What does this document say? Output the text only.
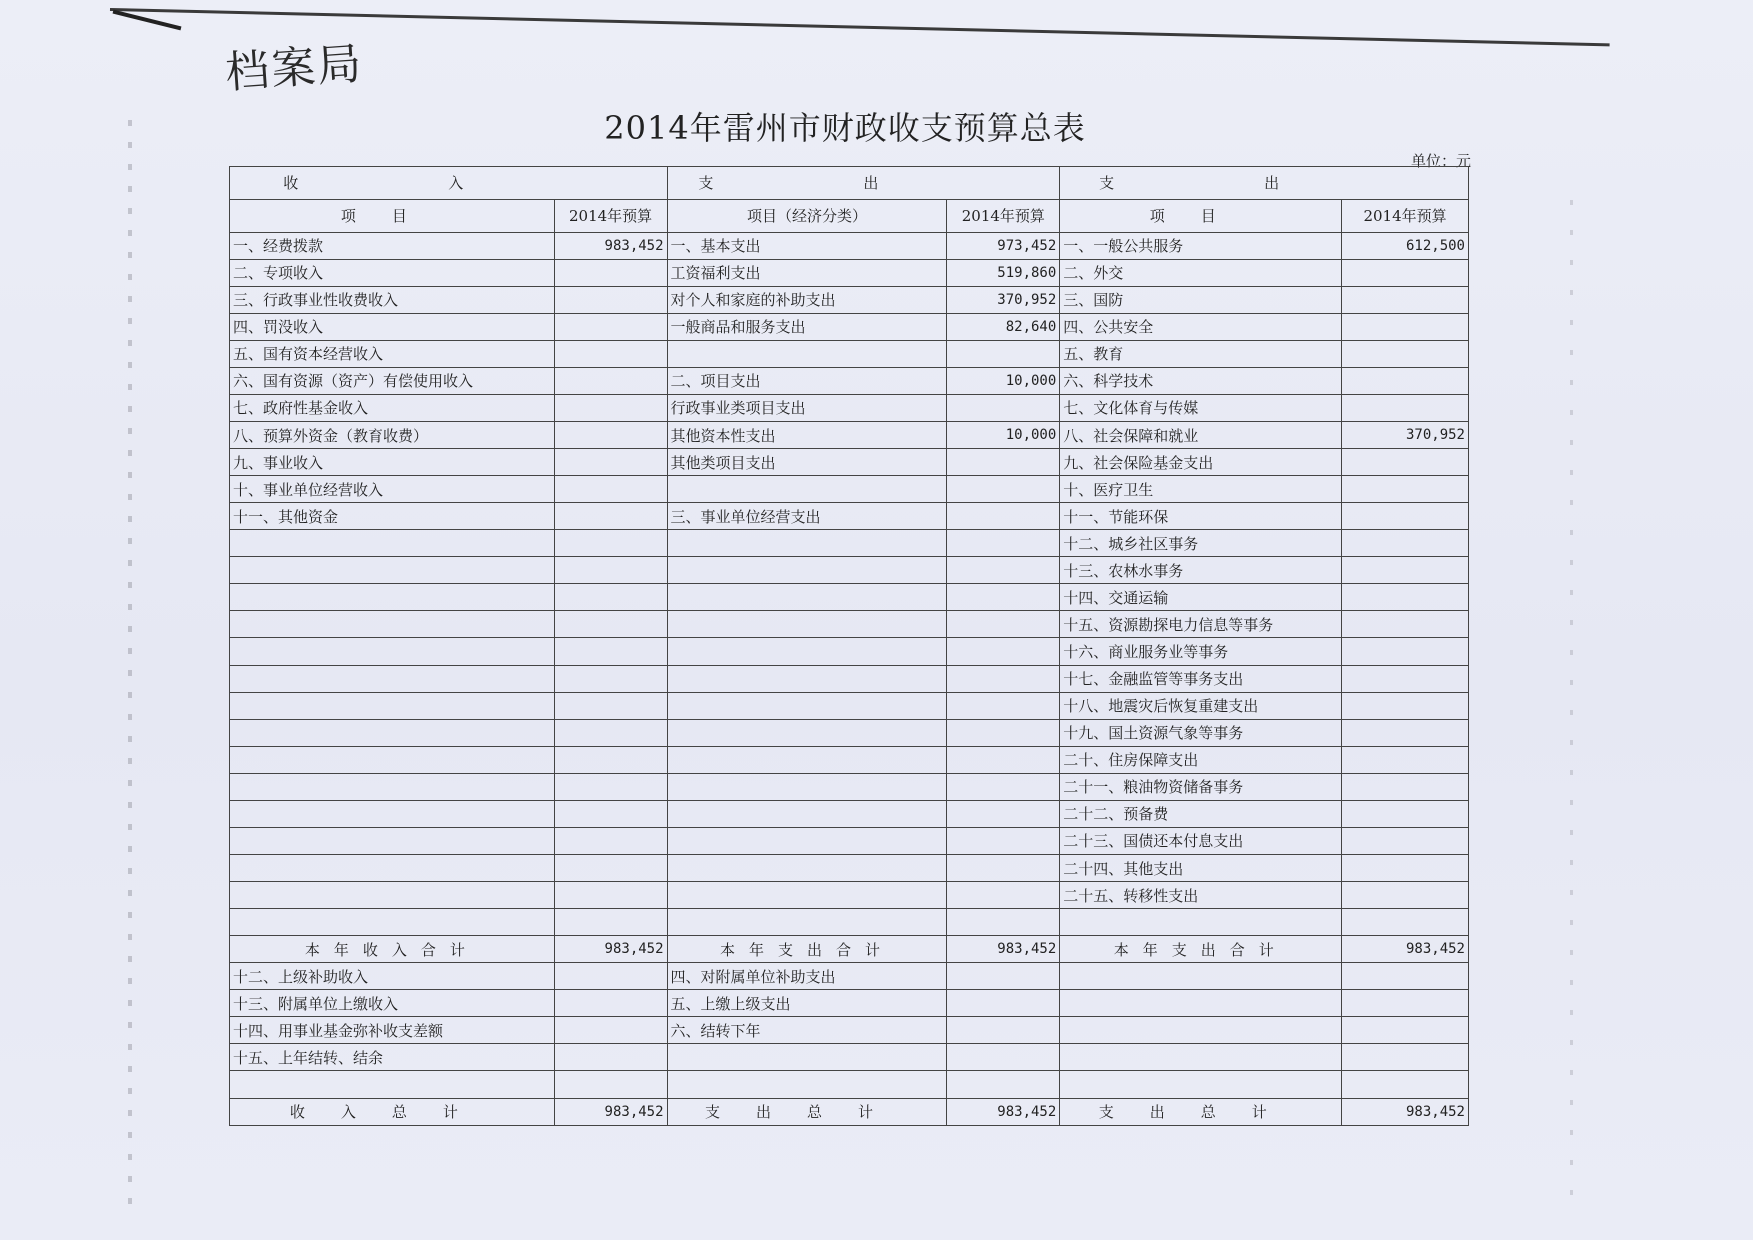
档案局
2014年雷州市财政收支预算总表
单位：元
收入		支出		支出	
项目	2014年预算	项目（经济分类）	2014年预算	项目	2014年预算
一、经费拨款	983,452	一、基本支出	973,452	一、一般公共服务	612,500
二、专项收入		工资福利支出	519,860	二、外交	
三、行政事业性收费收入		对个人和家庭的补助支出	370,952	三、国防	
四、罚没收入		一般商品和服务支出	82,640	四、公共安全	
五、国有资本经营收入				五、教育	
六、国有资源（资产）有偿使用收入		二、项目支出	10,000	六、科学技术	
七、政府性基金收入		行政事业类项目支出		七、文化体育与传媒	
八、预算外资金（教育收费）		其他资本性支出	10,000	八、社会保障和就业	370,952
九、事业收入		其他类项目支出		九、社会保险基金支出	
十、事业单位经营收入				十、医疗卫生	
十一、其他资金		三、事业单位经营支出		十一、节能环保	
				十二、城乡社区事务	
				十三、农林水事务	
				十四、交通运输	
				十五、资源勘探电力信息等事务	
				十六、商业服务业等事务	
				十七、金融监管等事务支出	
				十八、地震灾后恢复重建支出	
				十九、国土资源气象等事务	
				二十、住房保障支出	
				二十一、粮油物资储备事务	
				二十二、预备费	
				二十三、国债还本付息支出	
				二十四、其他支出	
				二十五、转移性支出	

本年收入合计	983,452	本年支出合计	983,452	本年支出合计	983,452
十二、上级补助收入		四、对附属单位补助支出			
十三、附属单位上缴收入		五、上缴上级支出			
十四、用事业基金弥补收支差额		六、结转下年			
十五、上年结转、结余					

收入总计	983,452	支出总计	983,452	支出总计	983,452
